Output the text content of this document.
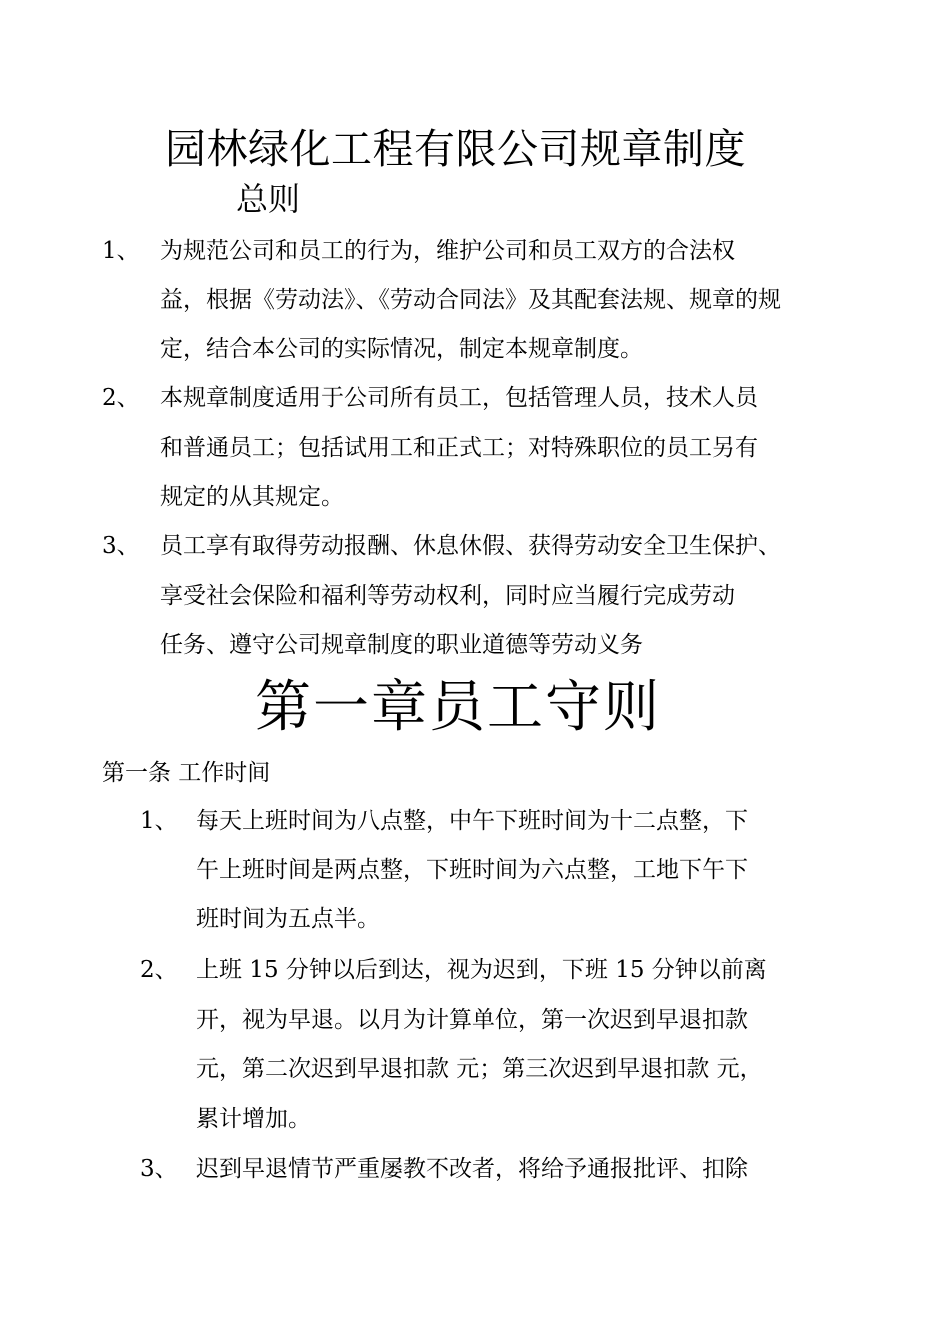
园林绿化工程有限公司规章制度
总则
1、 为规范公司和员工的行为，维护公司和员工双方的合法权
益，根据《劳动法》、《劳动合同法》及其配套法规、规章的规
定，结合本公司的实际情况，制定本规章制度。
2、 本规章制度适用于公司所有员工，包括管理人员，技术人员
和普通员工；包括试用工和正式工；对特殊职位的员工另有
规定的从其规定。
3、 员工享有取得劳动报酬、休息休假、获得劳动安全卫生保护、
享受社会保险和福利等劳动权利，同时应当履行完成劳动
任务、遵守公司规章制度的职业道德等劳动义务
第一章员工守则
第一条 工作时间
1、 每天上班时间为八点整，中午下班时间为十二点整，下
午上班时间是两点整，下班时间为六点整，工地下午下
班时间为五点半。
2、 上班 15 分钟以后到达，视为迟到，下班 15 分钟以前离
开，视为早退。以月为计算单位，第一次迟到早退扣款
元，第二次迟到早退扣款 元；第三次迟到早退扣款 元，
累计增加。
3、 迟到早退情节严重屡教不改者，将给予通报批评、扣除
